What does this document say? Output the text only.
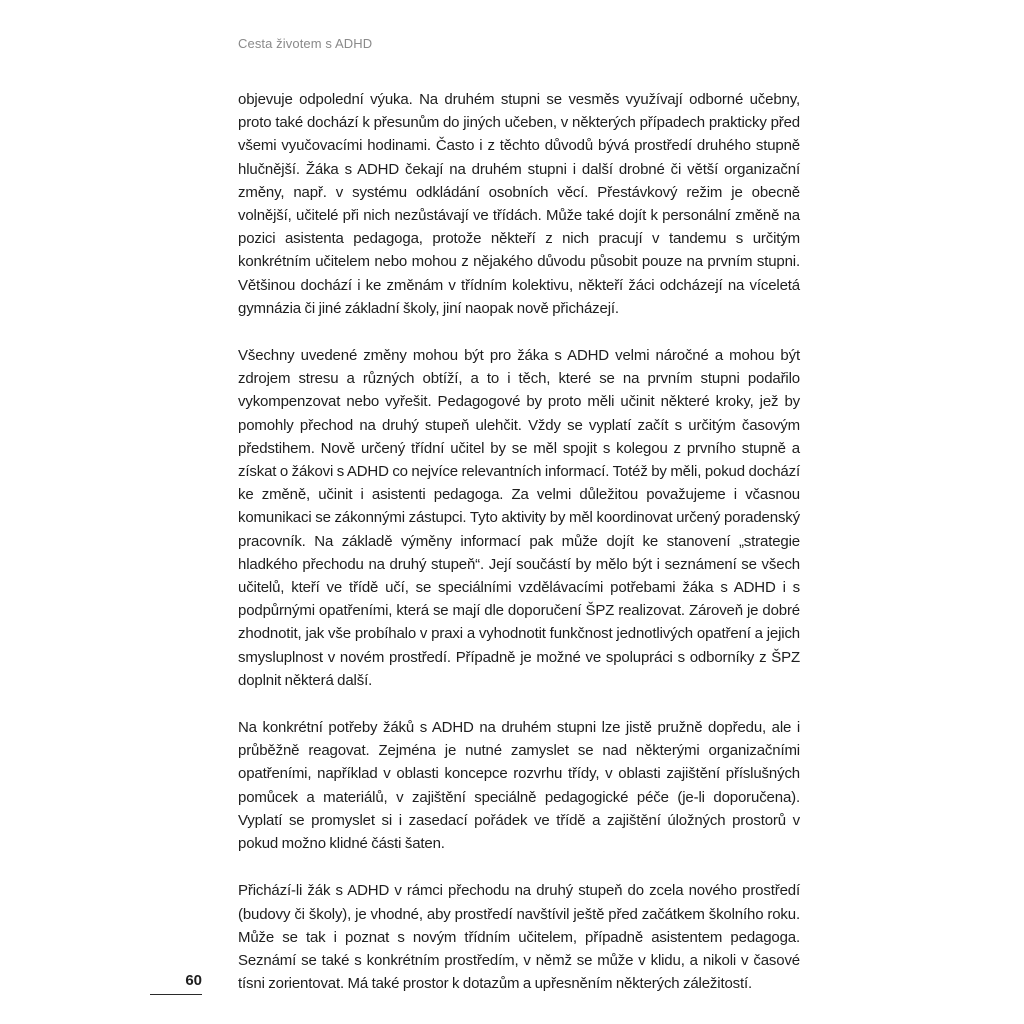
Cesta životem s ADHD

objevuje odpolední výuka. Na druhém stupni se vesměs využívají odborné učebny, proto také dochází k přesunům do jiných učeben, v některých případech prakticky před všemi vyučovacími hodinami. Často i z těchto důvodů bývá prostředí druhého stupně hlučnější. Žáka s ADHD čekají na druhém stupni i další drobné či větší organizační změny, např. v systému odkládání osobních věcí. Přestávkový režim je obecně volnější, učitelé při nich nezůstávají ve třídách. Může také dojít k personální změně na pozici asistenta pedagoga, protože někteří z nich pracují v tandemu s určitým konkrétním učitelem nebo mohou z nějakého důvodu působit pouze na prvním stupni. Většinou dochází i ke změnám v třídním kolektivu, někteří žáci odcházejí na víceletá gymnázia či jiné základní školy, jiní naopak nově přicházejí.

Všechny uvedené změny mohou být pro žáka s ADHD velmi náročné a mohou být zdrojem stresu a různých obtíží, a to i těch, které se na prvním stupni podařilo vykompenzovat nebo vyřešit. Pedagogové by proto měli učinit některé kroky, jež by pomohly přechod na druhý stupeň ulehčit. Vždy se vyplatí začít s určitým časovým předstihem. Nově určený třídní učitel by se měl spojit s kolegou z prvního stupně a získat o žákovi s ADHD co nejvíce relevantních informací. Totéž by měli, pokud dochází ke změně, učinit i asistenti pedagoga. Za velmi důležitou považujeme i včasnou komunikaci se zákonnými zástupci. Tyto aktivity by měl koordinovat určený poradenský pracovník. Na základě výměny informací pak může dojít ke stanovení „strategie hladkého přechodu na druhý stupeň“. Její součástí by mělo být i seznámení se všech učitelů, kteří ve třídě učí, se speciálními vzdělávacími potřebami žáka s ADHD i s podpůrnými opatřeními, která se mají dle doporučení ŠPZ realizovat. Zároveň je dobré zhodnotit, jak vše probíhalo v praxi a vyhodnotit funkčnost jednotlivých opatření a jejich smysluplnost v novém prostředí. Případně je možné ve spolupráci s odborníky z ŠPZ doplnit některá další.

Na konkrétní potřeby žáků s ADHD na druhém stupni lze jistě pružně dopředu, ale i průběžně reagovat. Zejména je nutné zamyslet se nad některými organizačními opatřeními, například v oblasti koncepce rozvrhu třídy, v oblasti zajištění příslušných pomůcek a materiálů, v zajištění speciálně pedagogické péče (je-li doporučena). Vyplatí se promyslet si i zasedací pořádek ve třídě a zajištění úložných prostorů v pokud možno klidné části šaten.

Přichází-li žák s ADHD v rámci přechodu na druhý stupeň do zcela nového prostředí (budovy či školy), je vhodné, aby prostředí navštívil ještě před začátkem školního roku. Může se tak i poznat s novým třídním učitelem, případně asistentem pedagoga. Seznámí se také s konkrétním prostředím, v němž se může v klidu, a nikoli v časové tísni zorientovat. Má také prostor k dotazům a upřesněním některých záležitostí.

60
